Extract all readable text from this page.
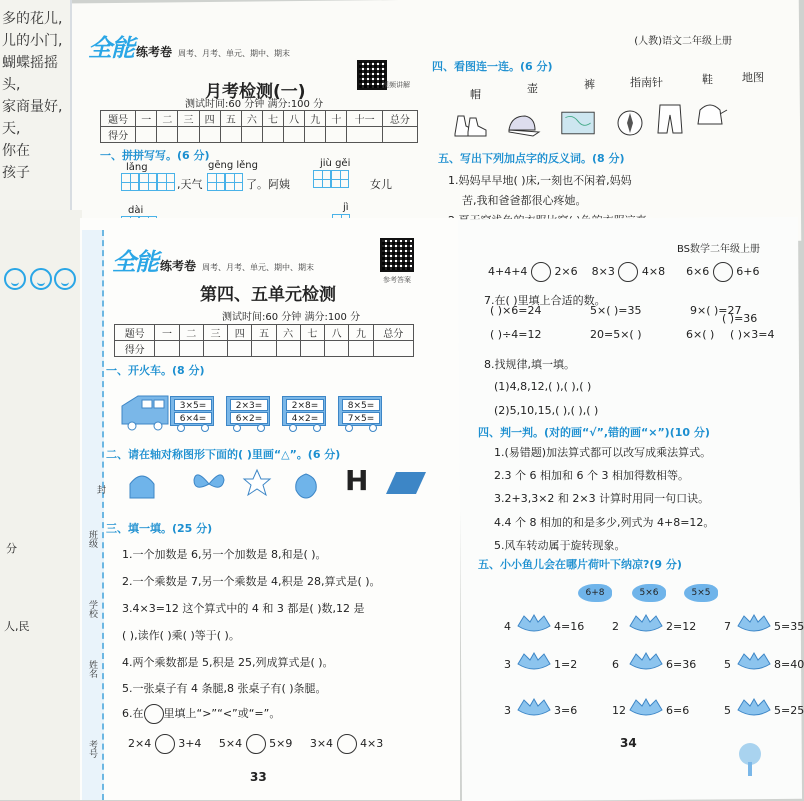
多的花儿,
儿的小门,
蝴蝶摇摇头,
家商量好,
天,
你在
孩子
全能 练考卷 周考、月考、单元、期中、期末
视频讲解
月考检测(一)
测试时间:60 分钟 满分:100 分
题号	一	二	三	四	五	六	七	八	九	十	十一	总分
得分												
一、拼拼写写。(6 分)
lǎng	gēng lěng	jiù gěi
,天气	了。阿姨	女儿
dài	jì
(人教)语文二年级上册
四、看图连一连。(6 分)
帽	壶	裤	指南针	鞋	地图
五、写出下列加点字的反义词。(8 分)
1.妈妈早早地( )床,一刻也不闲着,妈妈
苦,我和爸爸都很心疼她。
分
人,民
学校
姓名
班级
考号
封
全能 练考卷 周考、月考、单元、期中、期末
参考答案
第四、五单元检测
测试时间:60 分钟 满分:100 分
题号	一	二	三	四	五	六	七	八	九	总分
得分										
一、开火车。(8 分)
3×5=
6×4=
2×3=
6×2=
2×8=
4×2=
8×5=
7×5=
二、请在轴对称图形下面的( )里画“△”。(6 分)
H
三、填一填。(25 分)
1.一个加数是 6,另一个加数是 8,和是( )。
2.一个乘数是 7,另一个乘数是 4,积是 28,算式是( )。
3.4×3=12 这个算式中的 4 和 3 都是( )数,12 是
( ),读作( )乘( )等于( )。
4.两个乘数都是 5,积是 25,列成算式是( )。
5.一张桌子有 4 条腿,8 张桌子有( )条腿。
6.在 里填上“>”“<”或“=”。
2×4 3+4 5×4 5×9 3×4 4×3
33
BS数学二年级上册
4+4+4 2×6 8×3 4×8 6×6 6+6
7.在( )里填上合适的数。
( )×6=24	5×( )=35	9×( )=27
( )÷4=12	20=5×( )	6×( ) ( )×3=4
( )=36
8.找规律,填一填。
(1)4,8,12,( ),( ),( )
(2)5,10,15,( ),( ),( )
四、判一判。(对的画“√”,错的画“×”)(10 分)
1.(易错题)加法算式都可以改写成乘法算式。
2.3 个 6 相加和 6 个 3 相加得数相等。
3.2+3,3×2 和 2×3 计算时用同一句口诀。
4.4 个 8 相加的和是多少,列式为 4+8=12。
5.风车转动属于旋转现象。
五、小小鱼儿会在哪片荷叶下纳凉?(9 分)
6+8	5×6	5×5
4	4=16	2	2=12	7	5=35
3	1=2	6	6=36	5	8=40
3	3=6	12	6=6	5	5=25
34
